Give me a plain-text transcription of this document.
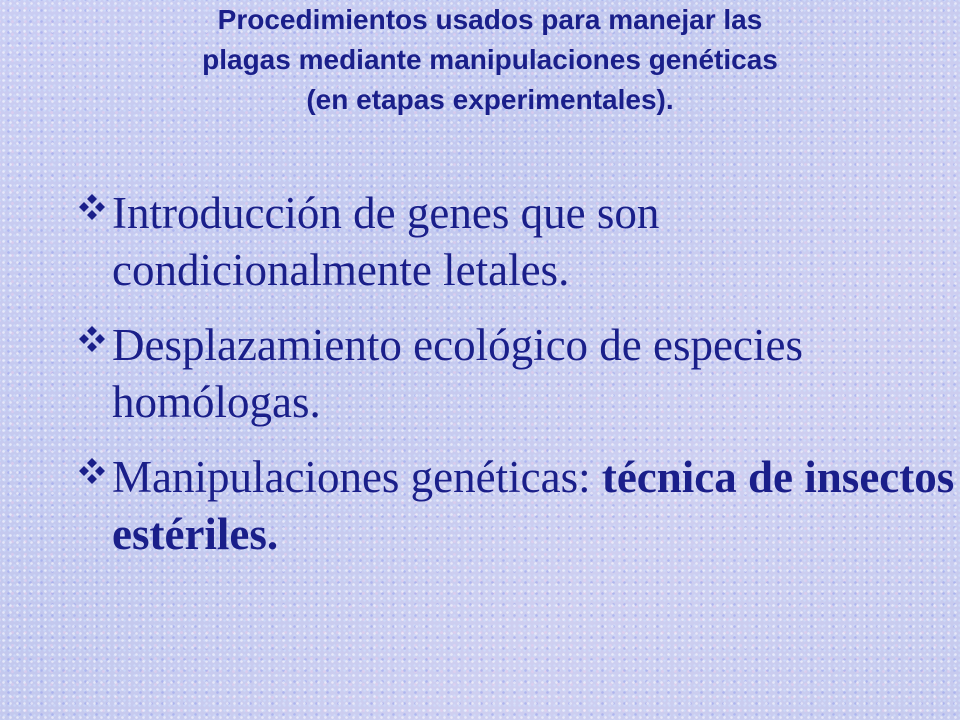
Procedimientos usados para manejar las
plagas mediante manipulaciones genéticas
(en etapas experimentales).
Introducción de genes que son condicionalmente letales.
Desplazamiento ecológico de especies homólogas.
Manipulaciones genéticas: técnica de insectos estériles.
